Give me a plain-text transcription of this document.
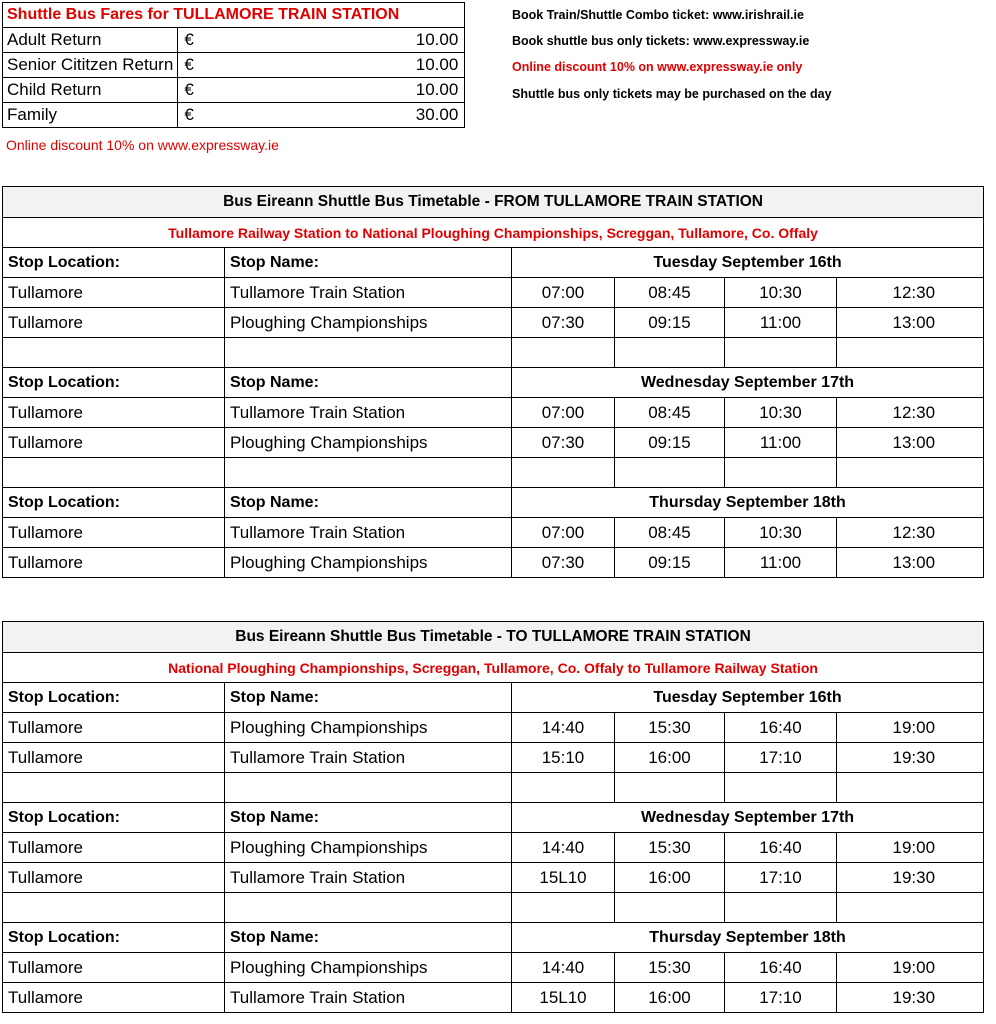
Shuttle Bus Fares for TULLAMORE TRAIN STATION	
Adult Return	€ 10.00

Senior Cititzen Return	€ 10.00

Child Return	€ 10.00

Family	€ 30.00
Online discount 10% on www.expressway.ie
Book Train/Shuttle Combo ticket: www.irishrail.ie
Book shuttle bus only tickets: www.expressway.ie
Online discount 10% on www.expressway.ie only
Shuttle bus only tickets may be purchased on the day
Bus Eireann Shuttle Bus Timetable - FROM TULLAMORE TRAIN STATION					
Tullamore Railway Station to National Ploughing Championships, Screggan, Tullamore, Co. Offaly					
Stop Location:	Stop Name:	Tuesday September 16th			
Tullamore	Tullamore Train Station	07:00	08:45	10:30	12:30
Tullamore	Ploughing Championships	07:30	09:15	11:00	13:00

Stop Location:	Stop Name:	Wednesday September 17th			
Tullamore	Tullamore Train Station	07:00	08:45	10:30	12:30
Tullamore	Ploughing Championships	07:30	09:15	11:00	13:00

Stop Location:	Stop Name:	Thursday September 18th			
Tullamore	Tullamore Train Station	07:00	08:45	10:30	12:30
Tullamore	Ploughing Championships	07:30	09:15	11:00	13:00
Bus Eireann Shuttle Bus Timetable - TO TULLAMORE TRAIN STATION					
National Ploughing Championships, Screggan, Tullamore, Co. Offaly to Tullamore Railway Station					
Stop Location:	Stop Name:	Tuesday September 16th			
Tullamore	Ploughing Championships	14:40	15:30	16:40	19:00
Tullamore	Tullamore Train Station	15:10	16:00	17:10	19:30

Stop Location:	Stop Name:	Wednesday September 17th			
Tullamore	Ploughing Championships	14:40	15:30	16:40	19:00
Tullamore	Tullamore Train Station	15L10	16:00	17:10	19:30

Stop Location:	Stop Name:	Thursday September 18th			
Tullamore	Ploughing Championships	14:40	15:30	16:40	19:00
Tullamore	Tullamore Train Station	15L10	16:00	17:10	19:30
